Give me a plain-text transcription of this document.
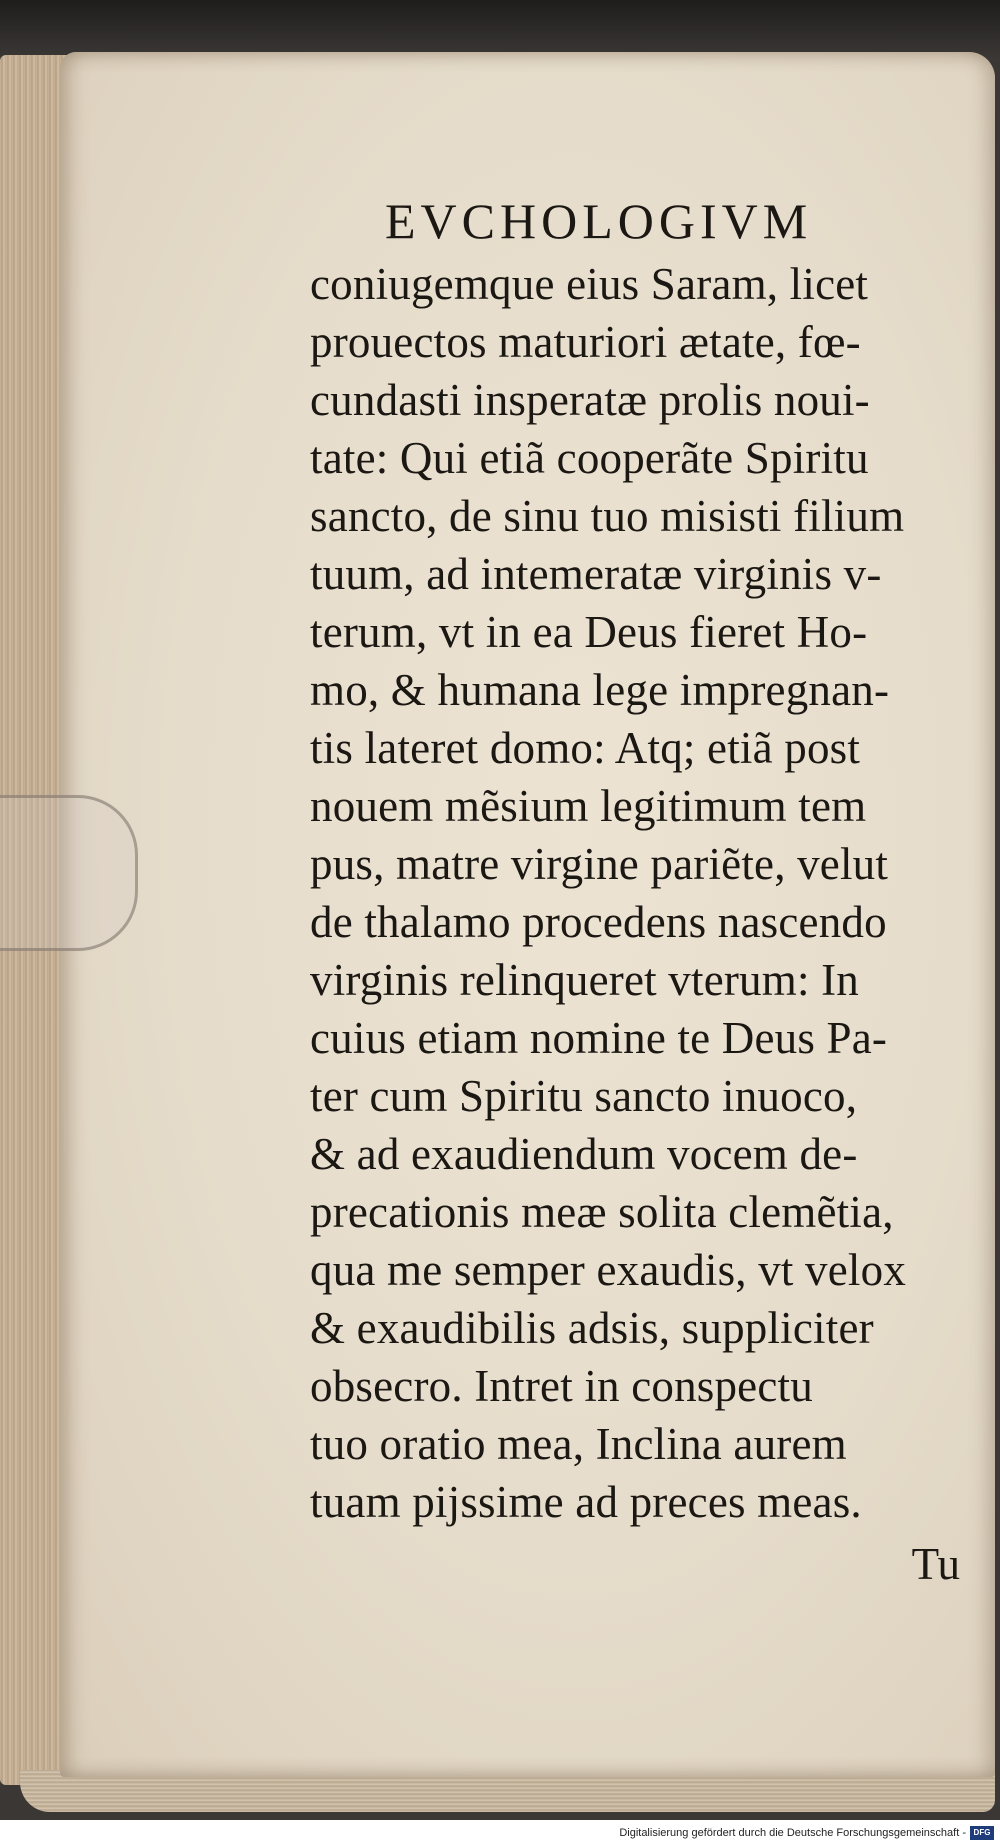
EVCHOLOGIVM
coniugemque eius Saram, licet
prouectos maturiori ætate, fœ-
cundasti insperatæ prolis noui-
tate: Qui etiã cooperãte Spiritu
sancto, de sinu tuo misisti filium
tuum, ad intemeratæ virginis v-
terum, vt in ea Deus fieret Ho-
mo, & humana lege impregnan-
tis lateret domo: Atq; etiã post
nouem mẽsium legitimum tem
pus, matre virgine pariẽte, velut
de thalamo procedens nascendo
virginis relinqueret vterum: In
cuius etiam nomine te Deus Pa-
ter cum Spiritu sancto inuoco,
& ad exaudiendum vocem de-
precationis meæ solita clemẽtia,
qua me semper exaudis, vt velox
& exaudibilis adsis, suppliciter
obsecro. Intret in conspectu
tuo oratio mea, Inclina aurem
tuam pijssime ad preces meas.
Tu
Digitalisierung gefördert durch die Deutsche Forschungsgemeinschaft - DFG
